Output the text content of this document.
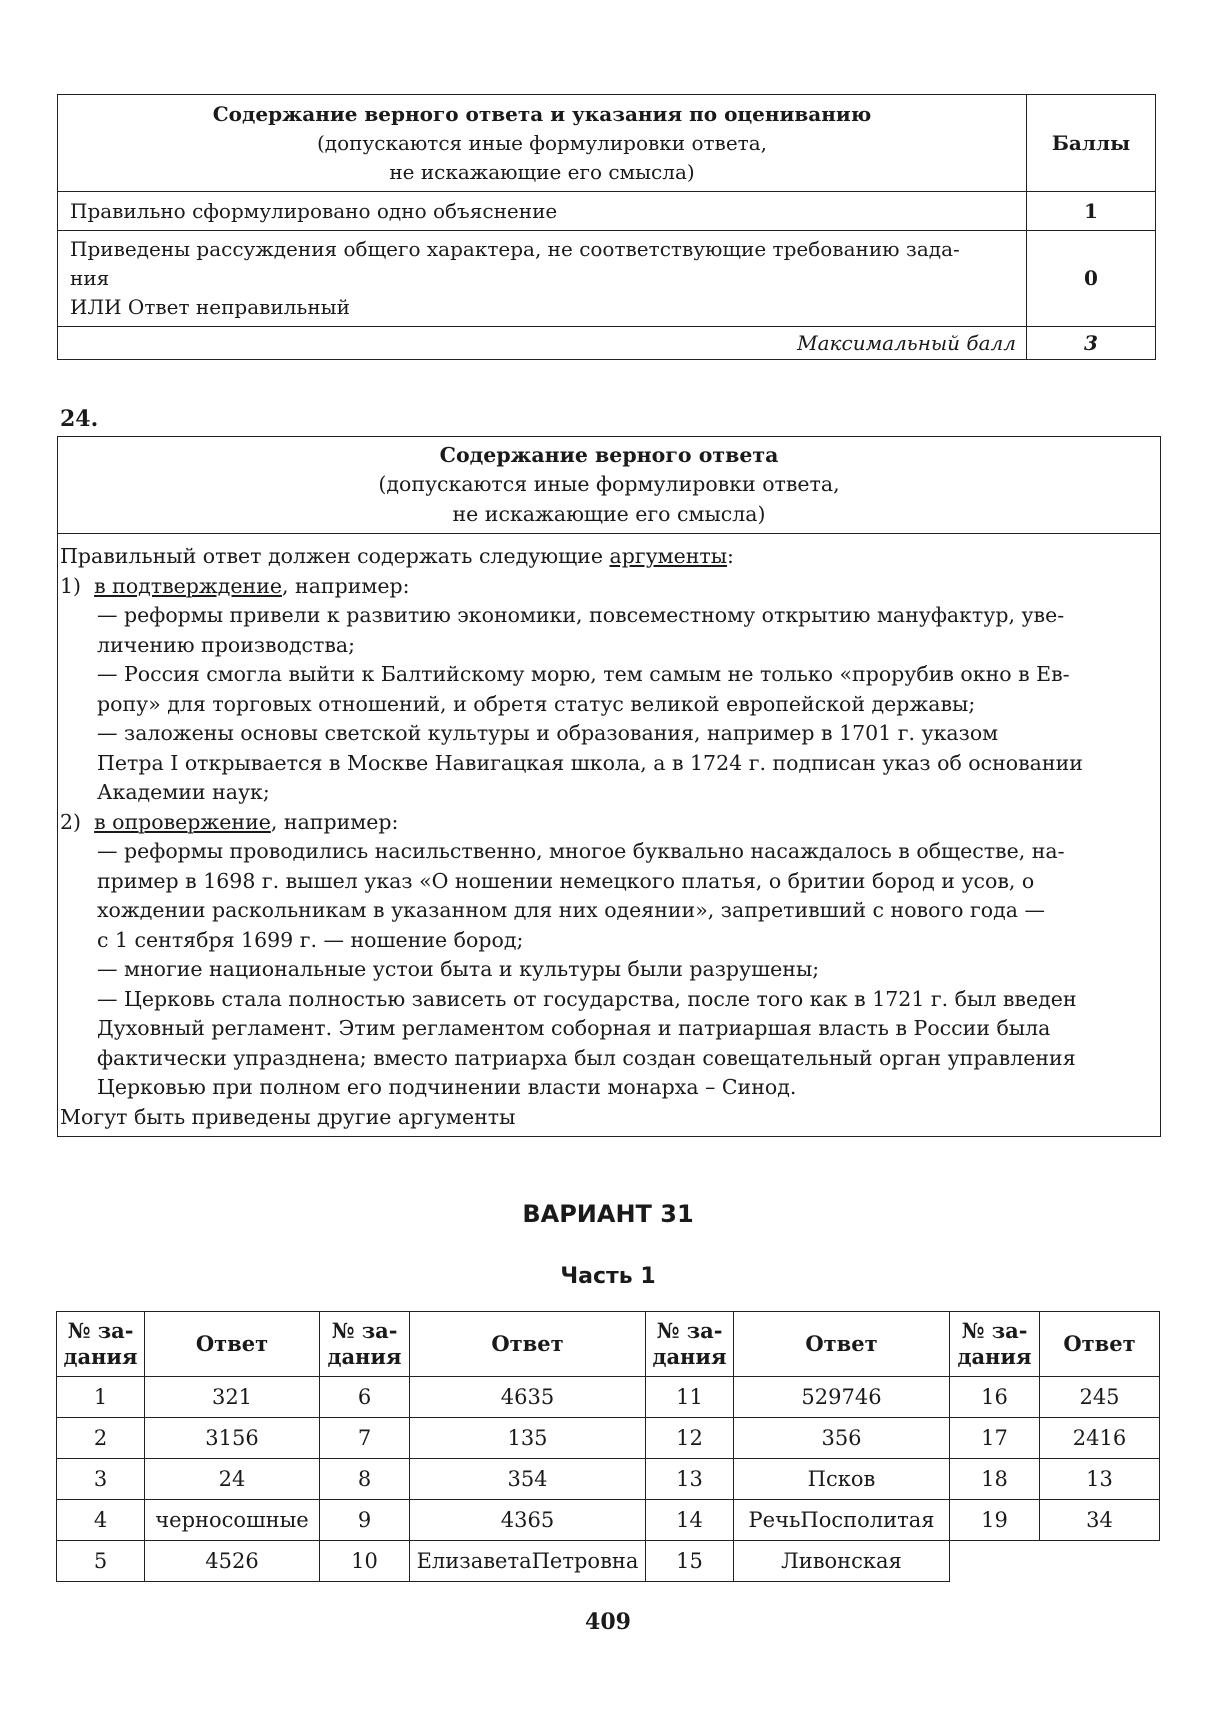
Содержание верного ответа и указания по оцениванию
(допускаются иные формулировки ответа,
не искажающие его смысла)	Баллы

Правильно сформулировано одно объяснение	1

Приведены рассуждения общего характера, не соответствующие требованию зада-
ния
ИЛИ Ответ неправильный	0
Максимальный балл	3
24.
Содержание верного ответа
(допускаются иные формулировки ответа,
не искажающие его смысла)

Правильный ответ должен содержать следующие аргументы:
1) в подтверждение, например:
— реформы привели к развитию экономики, повсеместному открытию мануфактур, уве-
личению производства;
— Россия смогла выйти к Балтийскому морю, тем самым не только «прорубив окно в Ев-
ропу» для торговых отношений, и обретя статус великой европейской державы;
— заложены основы светской культуры и образования, например в 1701 г. указом
Петра I открывается в Москве Навигацкая школа, а в 1724 г. подписан указ об основании
Академии наук;
2) в опровержение, например:
— реформы проводились насильственно, многое буквально насаждалось в обществе, на-
пример в 1698 г. вышел указ «О ношении немецкого платья, о бритии бород и усов, о
хождении раскольникам в указанном для них одеянии», запретивший с нового года —
с 1 сентября 1699 г. — ношение бород;
— многие национальные устои быта и культуры были разрушены;
— Церковь стала полностью зависеть от государства, после того как в 1721 г. был введен
Духовный регламент. Этим регламентом соборная и патриаршая власть в России была
фактически упразднена; вместо патриарха был создан совещательный орган управления
Церковью при полном его подчинении власти монарха – Синод.
Могут быть приведены другие аргументы
ВАРИАНТ 31
Часть 1
№ за-
дания	Ответ	№ за-
дания	Ответ	№ за-
дания	Ответ	№ за-
дания	Ответ
1	321	6	4635	11	529746	16	245
2	3156	7	135	12	356	17	2416
3	24	8	354	13	Псков	18	13
4	черносошные	9	4365	14	РечьПосполитая	19	34
5	4526	10	ЕлизаветаПетровна	15	Ливонская		
409
